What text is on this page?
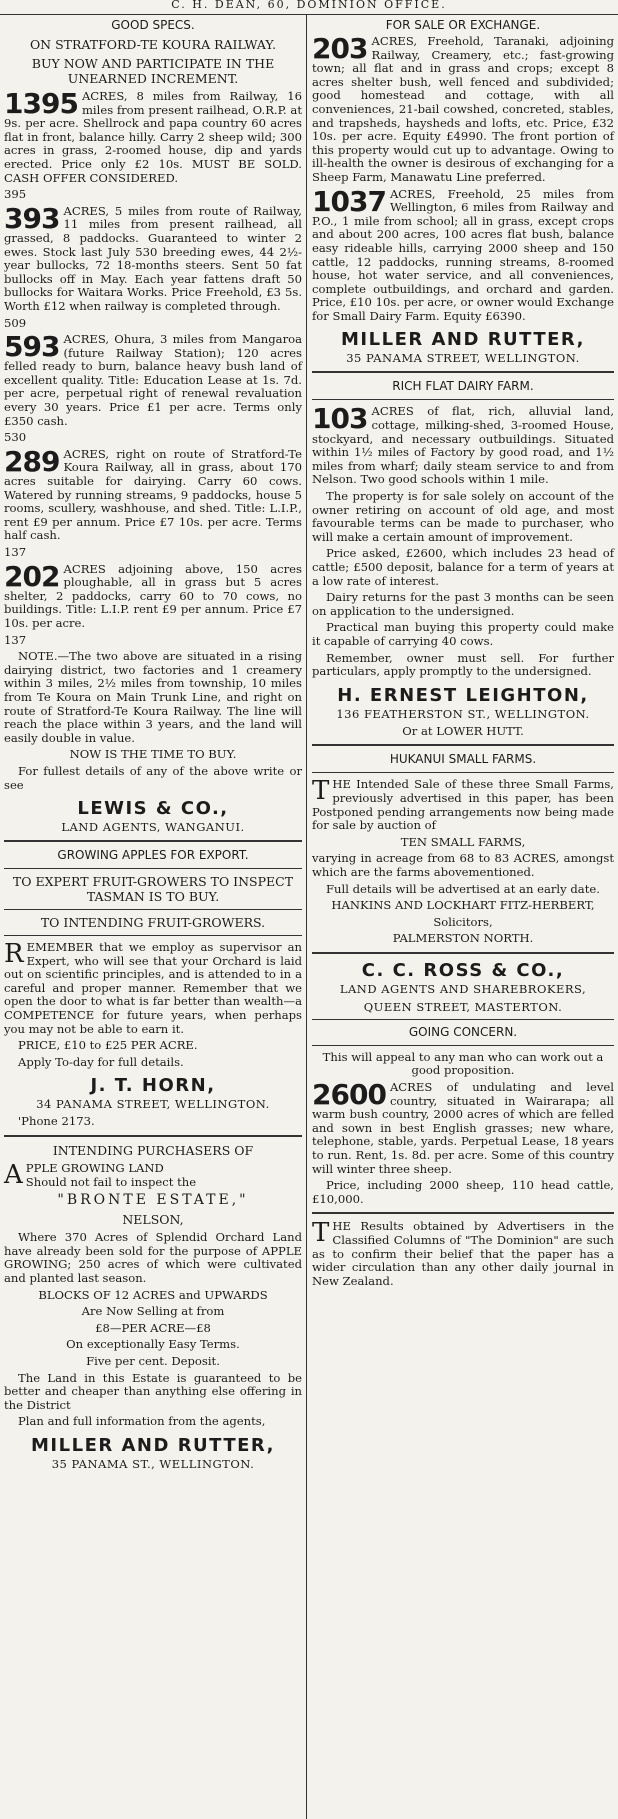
C. H. DEAN, 60, DOMINION OFFICE.
GOOD SPECS.
ON STRATFORD-TE KOURA RAILWAY.
BUY NOW AND PARTICIPATE IN THE UNEARNED INCREMENT.

1395 ACRES, 8 miles from Railway, 16 miles from present railhead, O.R.P. at 9s. per acre. Shellrock and papa country 60 acres flat in front, balance hilly. Carry 2 sheep wild; 300 acres in grass, 2-roomed house, dip and yards erected. Price only £2 10s. MUST BE SOLD. CASH OFFER CONSIDERED.

395

393 ACRES, 5 miles from route of Railway, 11 miles from present railhead, all grassed, 8 paddocks. Guaranteed to winter 2 ewes. Stock last July 530 breeding ewes, 44 2½-year bullocks, 72 18-months steers. Sent 50 fat bullocks off in May. Each year fattens draft 50 bullocks for Waitara Works. Price Freehold, £3 5s. Worth £12 when railway is completed through.

509

593 ACRES, Ohura, 3 miles from Mangaroa (future Railway Station); 120 acres felled ready to burn, balance heavy bush land of excellent quality. Title: Education Lease at 1s. 7d. per acre, perpetual right of renewal revaluation every 30 years. Price £1 per acre. Terms only £350 cash.

530

289 ACRES, right on route of Stratford-Te Koura Railway, all in grass, about 170 acres suitable for dairying. Carry 60 cows. Watered by running streams, 9 paddocks, house 5 rooms, scullery, washhouse, and shed. Title: L.I.P., rent £9 per annum. Price £7 10s. per acre. Terms half cash.

137

202 ACRES adjoining above, 150 acres ploughable, all in grass but 5 acres shelter, 2 paddocks, carry 60 to 70 cows, no buildings. Title: L.I.P. rent £9 per annum. Price £7 10s. per acre.

137

NOTE.—The two above are situated in a rising dairying district, two factories and 1 creamery within 3 miles, 2½ miles from township, 10 miles from Te Koura on Main Trunk Line, and right on route of Stratford-Te Koura Railway. The line will reach the place within 3 years, and the land will easily double in value.

NOW IS THE TIME TO BUY.

For fullest details of any of the above write or see

LEWIS & CO.,
LAND AGENTS, WANGANUI.
GROWING APPLES FOR EXPORT.
TO EXPERT FRUIT-GROWERS TO INSPECT TASMAN IS TO BUY.
TO INTENDING FRUIT-GROWERS.

REMEMBER that we employ as supervisor an Expert, who will see that your Orchard is laid out on scientific principles, and is attended to in a careful and proper manner. Remember that we open the door to what is far better than wealth—a COMPETENCE for future years, when perhaps you may not be able to earn it.

PRICE, £10 to £25 PER ACRE.

Apply To-day for full details.

J. T. HORN,
34 PANAMA STREET, WELLINGTON.

'Phone 2173.

INTENDING PURCHASERS OF

APPLE GROWING LAND
Should not fail to inspect the

"BRONTE ESTATE,"
NELSON,

Where 370 Acres of Splendid Orchard Land have already been sold for the purpose of APPLE GROWING; 250 acres of which were cultivated and planted last season.

BLOCKS OF 12 ACRES and UPWARDS

Are Now Selling at from

£8—PER ACRE—£8

On exceptionally Easy Terms.

Five per cent. Deposit.

The Land in this Estate is guaranteed to be better and cheaper than anything else offering in the District

Plan and full information from the agents,

MILLER AND RUTTER,
35 PANAMA ST., WELLINGTON.
FOR SALE OR EXCHANGE.

203 ACRES, Freehold, Taranaki, adjoining Railway, Creamery, etc.; fast-growing town; all flat and in grass and crops; except 8 acres shelter bush, well fenced and subdivided; good homestead and cottage, with all conveniences, 21-bail cowshed, concreted, stables, and trapsheds, haysheds and lofts, etc. Price, £32 10s. per acre. Equity £4990. The front portion of this property would cut up to advantage. Owing to ill-health the owner is desirous of exchanging for a Sheep Farm, Manawatu Line preferred.

1037 ACRES, Freehold, 25 miles from Wellington, 6 miles from Railway and P.O., 1 mile from school; all in grass, except crops and about 200 acres, 100 acres flat bush, balance easy rideable hills, carrying 2000 sheep and 150 cattle, 12 paddocks, running streams, 8-roomed house, hot water service, and all conveniences, complete outbuildings, and orchard and garden. Price, £10 10s. per acre, or owner would Exchange for Small Dairy Farm. Equity £6390.

MILLER AND RUTTER,
35 PANAMA STREET, WELLINGTON.
RICH FLAT DAIRY FARM.

103 ACRES of flat, rich, alluvial land, cottage, milking-shed, 3-roomed House, stockyard, and necessary outbuildings. Situated within 1½ miles of Factory by good road, and 1½ miles from wharf; daily steam service to and from Nelson. Two good schools within 1 mile.

The property is for sale solely on account of the owner retiring on account of old age, and most favourable terms can be made to purchaser, who will make a certain amount of improvement.

Price asked, £2600, which includes 23 head of cattle; £500 deposit, balance for a term of years at a low rate of interest.

Dairy returns for the past 3 months can be seen on application to the undersigned.

Practical man buying this property could make it capable of carrying 40 cows.

Remember, owner must sell. For further particulars, apply promptly to the undersigned.

H. ERNEST LEIGHTON,
136 FEATHERSTON ST., WELLINGTON.

Or at LOWER HUTT.

HUKANUI SMALL FARMS.

THE Intended Sale of these three Small Farms, previously advertised in this paper, has been Postponed pending arrangements now being made for sale by auction of

TEN SMALL FARMS,

varying in acreage from 68 to 83 ACRES, amongst which are the farms abovementioned.

Full details will be advertised at an early date.

HANKINS AND LOCKHART FITZ-HERBERT,

Solicitors,

PALMERSTON NORTH.

C. C. ROSS & CO.,
LAND AGENTS AND SHAREBROKERS,
QUEEN STREET, MASTERTON.
GOING CONCERN.

This will appeal to any man who can work out a good proposition.

2600 ACRES of undulating and level country, situated in Wairarapa; all warm bush country, 2000 acres of which are felled and sown in best English grasses; new whare, telephone, stable, yards. Perpetual Lease, 18 years to run. Rent, 1s. 8d. per acre. Some of this country will winter three sheep.

Price, including 2000 sheep, 110 head cattle, £10,000.

THE Results obtained by Advertisers in the Classified Columns of "The Dominion" are such as to confirm their belief that the paper has a wider circulation than any other daily journal in New Zealand.
